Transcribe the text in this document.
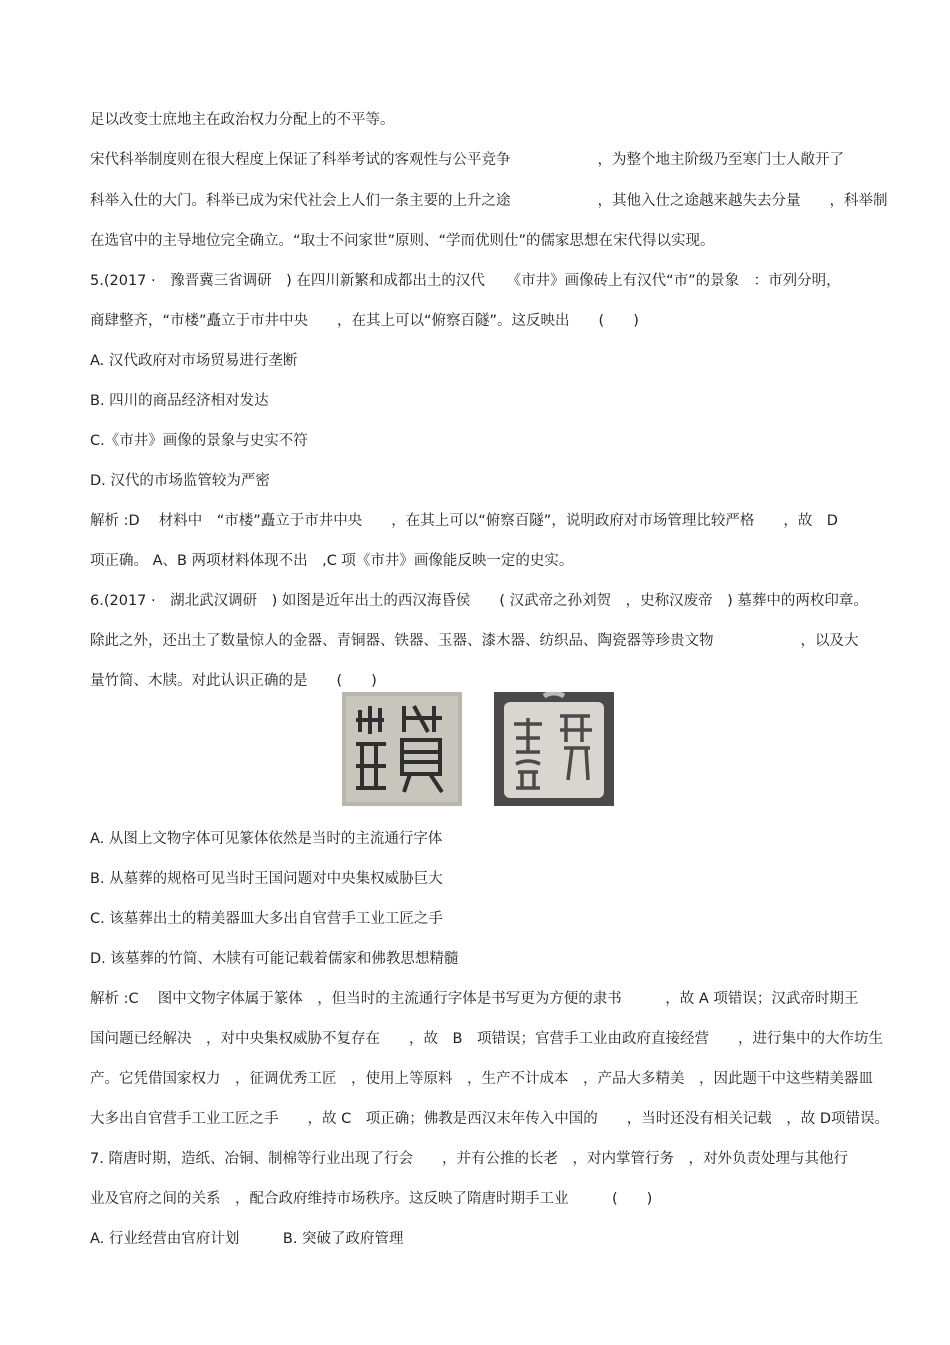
足以改变士庶地主在政治权力分配上的不平等。
宋代科举制度则在很大程度上保证了科举考试的客观性与公平竞争　　　　　　，为整个地主阶级乃至寒门士人敞开了
科举入仕的大门。科举已成为宋代社会上人们一条主要的上升之途　　　　　　，其他入仕之途越来越失去分量　　，科举制
在选官中的主导地位完全确立。“取士不问家世”原则、“学而优则仕”的儒家思想在宋代得以实现。
5.(2017 ·　豫晋冀三省调研　) 在四川新繁和成都出土的汉代　　《市井》画像砖上有汉代“市”的景象　：市列分明，
商肆整齐，“市楼”矗立于市井中央　　，在其上可以“俯察百隧”。这反映出　　(　　)
A. 汉代政府对市场贸易进行垄断
B. 四川的商品经济相对发达
C.《市井》画像的景象与史实不符
D. 汉代的市场监管较为严密
解析 :D　 材料中　“市楼”矗立于市井中央　　，在其上可以“俯察百隧”，说明政府对市场管理比较严格　　，故　D
项正确。 A、B 两项材料体现不出　,C 项《市井》画像能反映一定的史实。
6.(2017 ·　湖北武汉调研　) 如图是近年出土的西汉海昏侯　　( 汉武帝之孙刘贺　，史称汉废帝　) 墓葬中的两枚印章。
除此之外，还出土了数量惊人的金器、青铜器、铁器、玉器、漆木器、纺织品、陶瓷器等珍贵文物　　　　　　，以及大
量竹简、木牍。对此认识正确的是　　(　　)
A. 从图上文物字体可见篆体依然是当时的主流通行字体
B. 从墓葬的规格可见当时王国问题对中央集权威胁巨大
C. 该墓葬出土的精美器皿大多出自官营手工业工匠之手
D. 该墓葬的竹简、木牍有可能记载着儒家和佛教思想精髓
解析 :C　 图中文物字体属于篆体　，但当时的主流通行字体是书写更为方便的隶书　　　，故 A 项错误；汉武帝时期王
国问题已经解决　，对中央集权威胁不复存在　　，故　B　项错误；官营手工业由政府直接经营　　，进行集中的大作坊生
产。它凭借国家权力　，征调优秀工匠　，使用上等原料　，生产不计成本　，产品大多精美　，因此题干中这些精美器皿
大多出自官营手工业工匠之手　　，故 C　项正确；佛教是西汉末年传入中国的　　，当时还没有相关记载　，故 D项错误。
7. 隋唐时期，造纸、冶铜、制棉等行业出现了行会　　，并有公推的长老　，对内掌管行务　，对外负责处理与其他行
业及官府之间的关系　，配合政府维持市场秩序。这反映了隋唐时期手工业　　　(　　)
A. 行业经营由官府计划　　　B. 突破了政府管理
